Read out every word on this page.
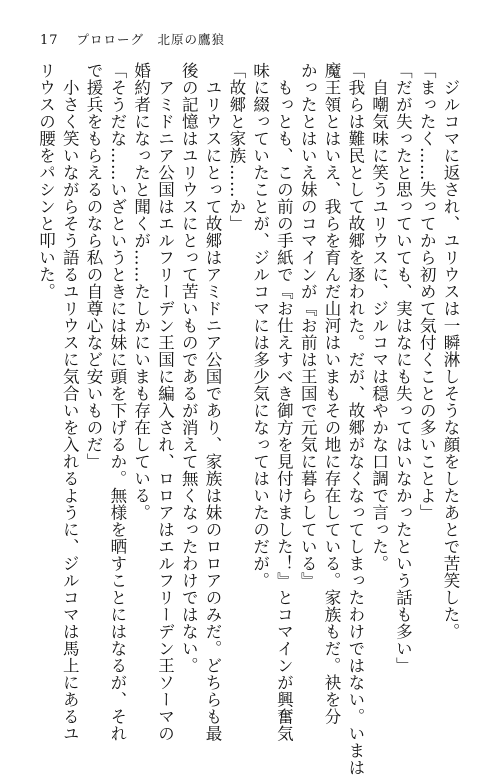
17 プロローグ　北原の鷹狼
　ジルコマに返され、ユリウスは一瞬淋しそうな顔をしたあとで苦笑した。
「まったく……失ってから初めて気付くことの多いことよ」
「だが失ったと思っていても、実はなにも失ってはいなかったという話も多い」
　自嘲気味に笑うユリウスに、ジルコマは穏やかな口調で言った。
「我らは難民として故郷を逐われた。だが、故郷がなくなってしまったわけではない。いまは
魔王領とはいえ、我らを育んだ山河はいまもその地に存在している。家族もだ。袂を分
かったとはいえ妹のコマインが『お前は王国で元気に暮らしている』
　もっとも、この前の手紙で『お仕えすべき御方を見付けました！』とコマインが興奮気
味に綴っていたことが、ジルコマには多少気になってはいたのだが。
「故郷と家族……か」
　ユリウスにとって故郷はアミドニア公国であり、家族は妹のロロアのみだ。どちらも最
後の記憶はユリウスにとって苦いものであるが消えて無くなったわけではない。
　アミドニア公国はエルフリーデン王国に編入され、ロロアはエルフリーデン王ソーマの
婚約者になったと聞くが……たしかにいまも存在している。
「そうだな……いざというときには妹に頭を下げるか。無様を晒すことにはなるが、それ
で援兵をもらえるのなら私の自尊心など安いものだ」
　小さく笑いながらそう語るユリウスに気合いを入れるように、ジルコマは馬上にあるユ
リウスの腰をパシンと叩いた。
